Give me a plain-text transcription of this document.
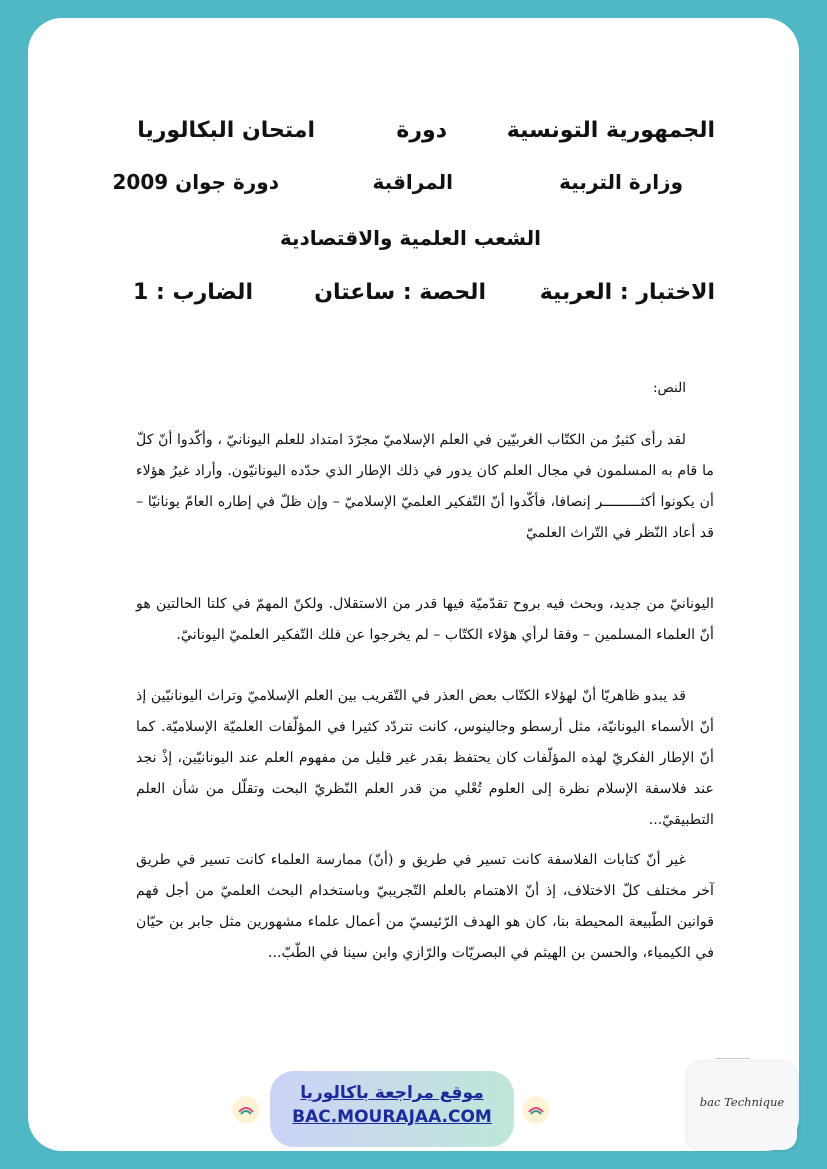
الجمهورية التونسية
دورة
امتحان البكالوريا
وزارة التربية
المراقبة
دورة جوان 2009
الشعب العلمية والاقتصادية
الاختبار : العربية
الحصة : ساعتان
الضارب : 1
النص:

لقد رأى كثيرٌ من الكتّاب الغربيّين في العلم الإسلاميّ مجرّدَ امتداد للعلم اليونانيّ ، وأكّدوا أنّ كلّ ما قام به المسلمون في مجال العلم كان يدور في ذلك الإطار الذي حدّده اليونانيّون. وأراد غيرُ هؤلاء أن يكونوا أكثـــــــــر إنصافا، فأكّدوا أنّ التّفكير العلميّ الإسلاميّ – وإن ظلّ في إطاره العامّ يونانيّا – قد أعاد النّظر في التّراث العلميّ

اليونانيّ من جديد، وبحث فيه بروح تقدّميّة فيها قدر من الاستقلال. ولكنّ المهمّ في كلتا الحالتين هو أنّ العلماء المسلمين – وفقا لرأي هؤلاء الكتّاب – لم يخرجوا عن فلك التّفكير العلميّ اليونانيّ.

قد يبدو ظاهريّا أنّ لهؤلاء الكتّاب بعض العذر في التّقريب بين العلم الإسلاميّ وتراث اليونانيّين إذ أنّ الأسماء اليونانيّة، مثل أرسطو وجالينوس، كانت تتردّد كثيرا في المؤلّفات العلميّة الإسلاميّة. كما أنّ الإطار الفكريّ لهذه المؤلّفات كان يحتفظ بقدر غير قليل من مفهوم العلم عند اليونانيّين، إذْ نجد عند فلاسفة الإسلام نظرة إلى العلوم تُعْلي من قدر العلم النّظريّ البحت وتقلّل من شأن العلم التطبيقيّ...

غير أنّ كتابات الفلاسفة كانت تسير في طريق و (أنّ) ممارسة العلماء كانت تسير في طريق آخر مختلف كلّ الاختلاف، إذ أنّ الاهتمام بالعلم التّجريبيّ وباستخدام البحث العلميّ من أجل فهم قوانين الطّبيعة المحيطة بنا، كان هو الهدف الرّئيسيّ من أعمال علماء مشهورين مثل جابر بن حيّان في الكيمياء، والحسن بن الهيثم في البصريّات والرّازي وابن سينا في الطّبّ...

موقع مراجعة باكالوريا
BAC.MOURAJAA.COM
bac Technique
